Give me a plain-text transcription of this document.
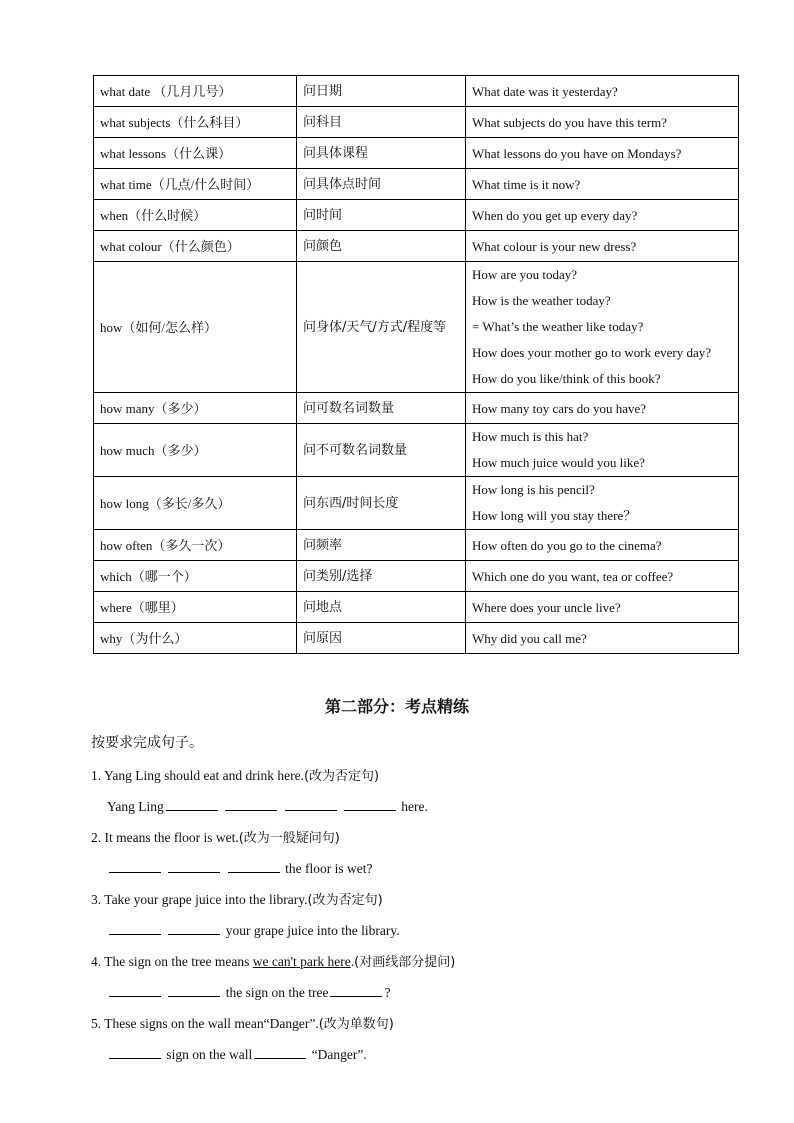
what date （几月几号）	问日期	What date was it yesterday?
what subjects（什么科目）	问科目	What subjects do you have this term?
what lessons（什么课）	问具体课程	What lessons do you have on Mondays?
what time（几点/什么时间）	问具体点时间	What time is it now?
when（什么时候）	问时间	When do you get up every day?
what colour（什么颜色）	问颜色	What colour is your new dress?
how（如何/怎么样）	问身体/天气/方式/程度等	How are you today?
How is the weather today?
= What’s the weather like today?
How does your mother go to work every day?
How do you like/think of this book?

how many（多少）	问可数名词数量	How many toy cars do you have?
how much（多少）	问不可数名词数量	How much is this hat?
How much juice would you like?

how long（多长/多久）	问东西/时间长度	How long is his pencil?
How long will you stay there？

how often（多久一次）	问频率	How often do you go to the cinema?
which（哪一个）	问类别/选择	Which one do you want, tea or coffee?
where（哪里）	问地点	Where does your uncle live?
why（为什么）	问原因	Why did you call me?
第二部分：考点精练
按要求完成句子。
1. Yang Ling should eat and drink here.(改为否定句)
Yang Ling	here.
2. It means the floor is wet.(改为一般疑问句)
the floor is wet?
3. Take your grape juice into the library.(改为否定句)
your grape juice into the library.
4. The sign on the tree means we can't park here.(对画线部分提问)
the sign on the tree	?
5. These signs on the wall mean“Danger”.(改为单数句)
sign on the wall	“Danger”.
